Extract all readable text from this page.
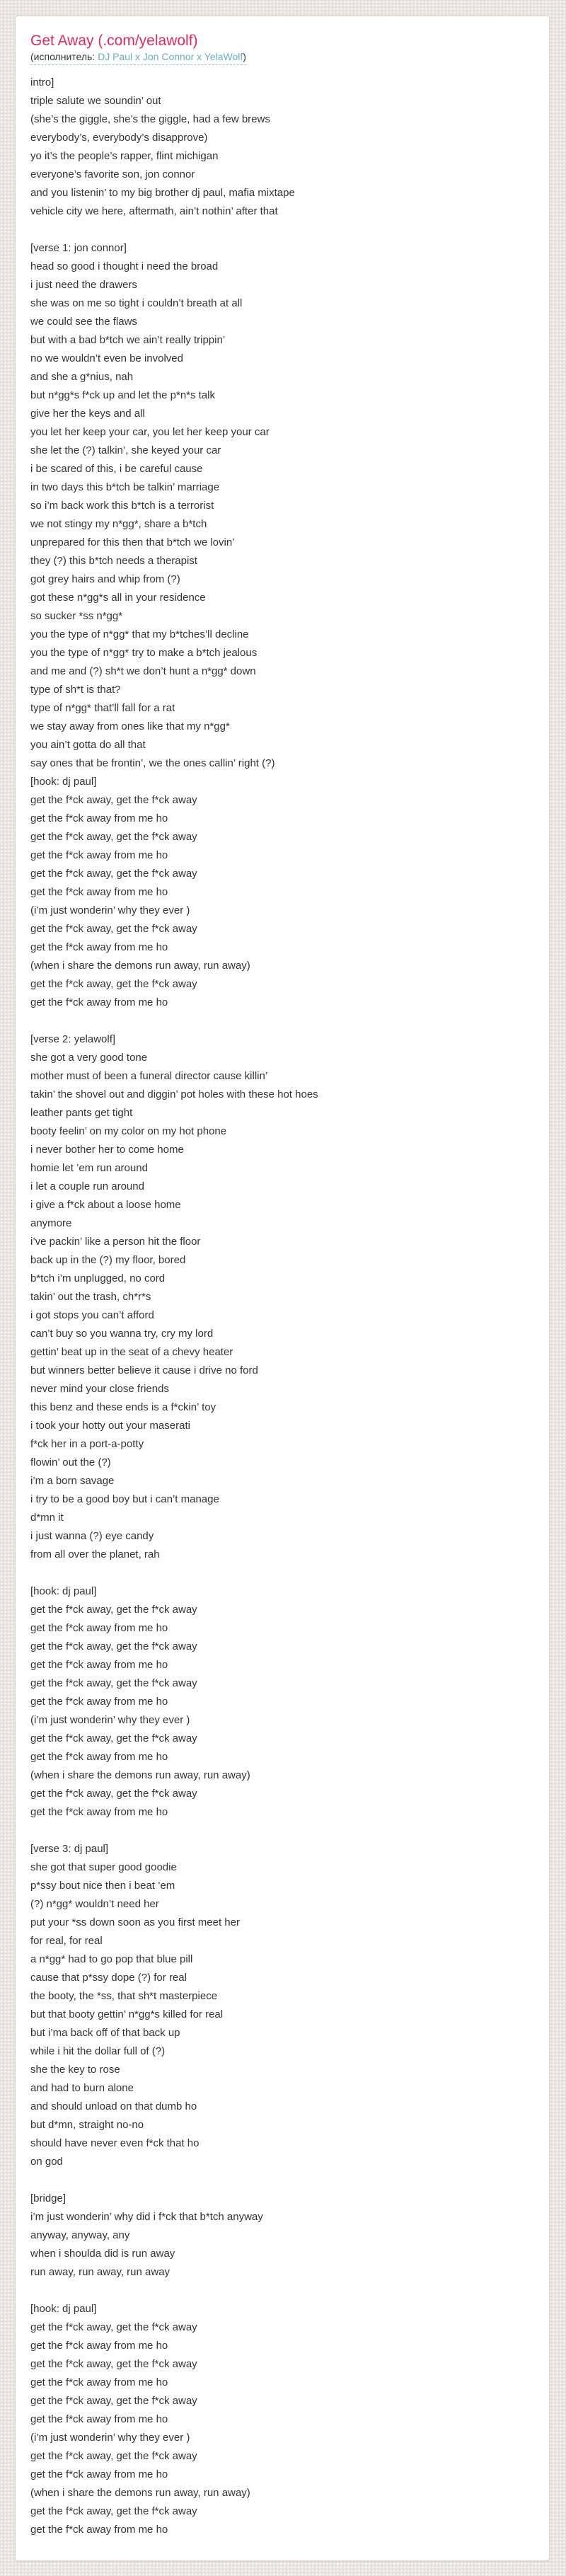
Get Away (.com/yelawolf)
(исполнитель: DJ Paul x Jon Connor x YelaWolf)

intro]
triple salute we soundin’ out
(she’s the giggle, she’s the giggle, had a few brews
everybody’s, everybody’s disapprove)
yo it’s the people’s rapper, flint michigan
everyone’s favorite son, jon connor
and you listenin’ to my big brother dj paul, mafia mixtape
vehicle city we here, aftermath, ain’t nothin’ after that

[verse 1: jon connor]
head so good i thought i need the broad
i just need the drawers
she was on me so tight i couldn’t breath at all
we could see the flaws
but with a bad b*tch we ain’t really trippin’
no we wouldn’t even be involved
and she a g*nius, nah
but n*gg*s f*ck up and let the p*n*s talk
give her the keys and all
you let her keep your car, you let her keep your car
she let the (?) talkin’, she keyed your car
i be scared of this, i be careful cause
in two days this b*tch be talkin’ marriage
so i’m back work this b*tch is a terrorist
we not stingy my n*gg*, share a b*tch
unprepared for this then that b*tch we lovin’
they (?) this b*tch needs a therapist
got grey hairs and whip from (?)
got these n*gg*s all in your residence
so sucker *ss n*gg*
you the type of n*gg* that my b*tches’ll decline
you the type of n*gg* try to make a b*tch jealous
and me and (?) sh*t we don’t hunt a n*gg* down
type of sh*t is that?
type of n*gg* that’ll fall for a rat
we stay away from ones like that my n*gg*
you ain’t gotta do all that
say ones that be frontin’, we the ones callin’ right (?)
[hook: dj paul]
get the f*ck away, get the f*ck away
get the f*ck away from me ho
get the f*ck away, get the f*ck away
get the f*ck away from me ho
get the f*ck away, get the f*ck away
get the f*ck away from me ho
(i’m just wonderin’ why they ever )
get the f*ck away, get the f*ck away
get the f*ck away from me ho
(when i share the demons run away, run away)
get the f*ck away, get the f*ck away
get the f*ck away from me ho

[verse 2: yelawolf]
she got a very good tone
mother must of been a funeral director cause killin’
takin’ the shovel out and diggin’ pot holes with these hot hoes
leather pants get tight
booty feelin’ on my color on my hot phone
i never bother her to come home
homie let ’em run around
i let a couple run around
i give a f*ck about a loose home
anymore
i’ve packin’ like a person hit the floor
back up in the (?) my floor, bored
b*tch i’m unplugged, no cord
takin’ out the trash, ch*r*s
i got stops you can’t afford
can’t buy so you wanna try, cry my lord
gettin’ beat up in the seat of a chevy heater
but winners better believe it cause i drive no ford
never mind your close friends
this benz and these ends is a f*ckin’ toy
i took your hotty out your maserati
f*ck her in a port-a-potty
flowin’ out the (?)
i’m a born savage
i try to be a good boy but i can’t manage
d*mn it
i just wanna (?) eye candy
from all over the planet, rah

[hook: dj paul]
get the f*ck away, get the f*ck away
get the f*ck away from me ho
get the f*ck away, get the f*ck away
get the f*ck away from me ho
get the f*ck away, get the f*ck away
get the f*ck away from me ho
(i’m just wonderin’ why they ever )
get the f*ck away, get the f*ck away
get the f*ck away from me ho
(when i share the demons run away, run away)
get the f*ck away, get the f*ck away
get the f*ck away from me ho

[verse 3: dj paul]
she got that super good goodie
p*ssy bout nice then i beat ’em
(?) n*gg* wouldn’t need her
put your *ss down soon as you first meet her
for real, for real
a n*gg* had to go pop that blue pill
cause that p*ssy dope (?) for real
the booty, the *ss, that sh*t masterpiece
but that booty gettin’ n*gg*s killed for real
but i’ma back off of that back up
while i hit the dollar full of (?)
she the key to rose
and had to burn alone
and should unload on that dumb ho
but d*mn, straight no-no
should have never even f*ck that ho
on god

[bridge]
i’m just wonderin’ why did i f*ck that b*tch anyway
anyway, anyway, any
when i shoulda did is run away
run away, run away, run away

[hook: dj paul]
get the f*ck away, get the f*ck away
get the f*ck away from me ho
get the f*ck away, get the f*ck away
get the f*ck away from me ho
get the f*ck away, get the f*ck away
get the f*ck away from me ho
(i’m just wonderin’ why they ever )
get the f*ck away, get the f*ck away
get the f*ck away from me ho
(when i share the demons run away, run away)
get the f*ck away, get the f*ck away
get the f*ck away from me ho
